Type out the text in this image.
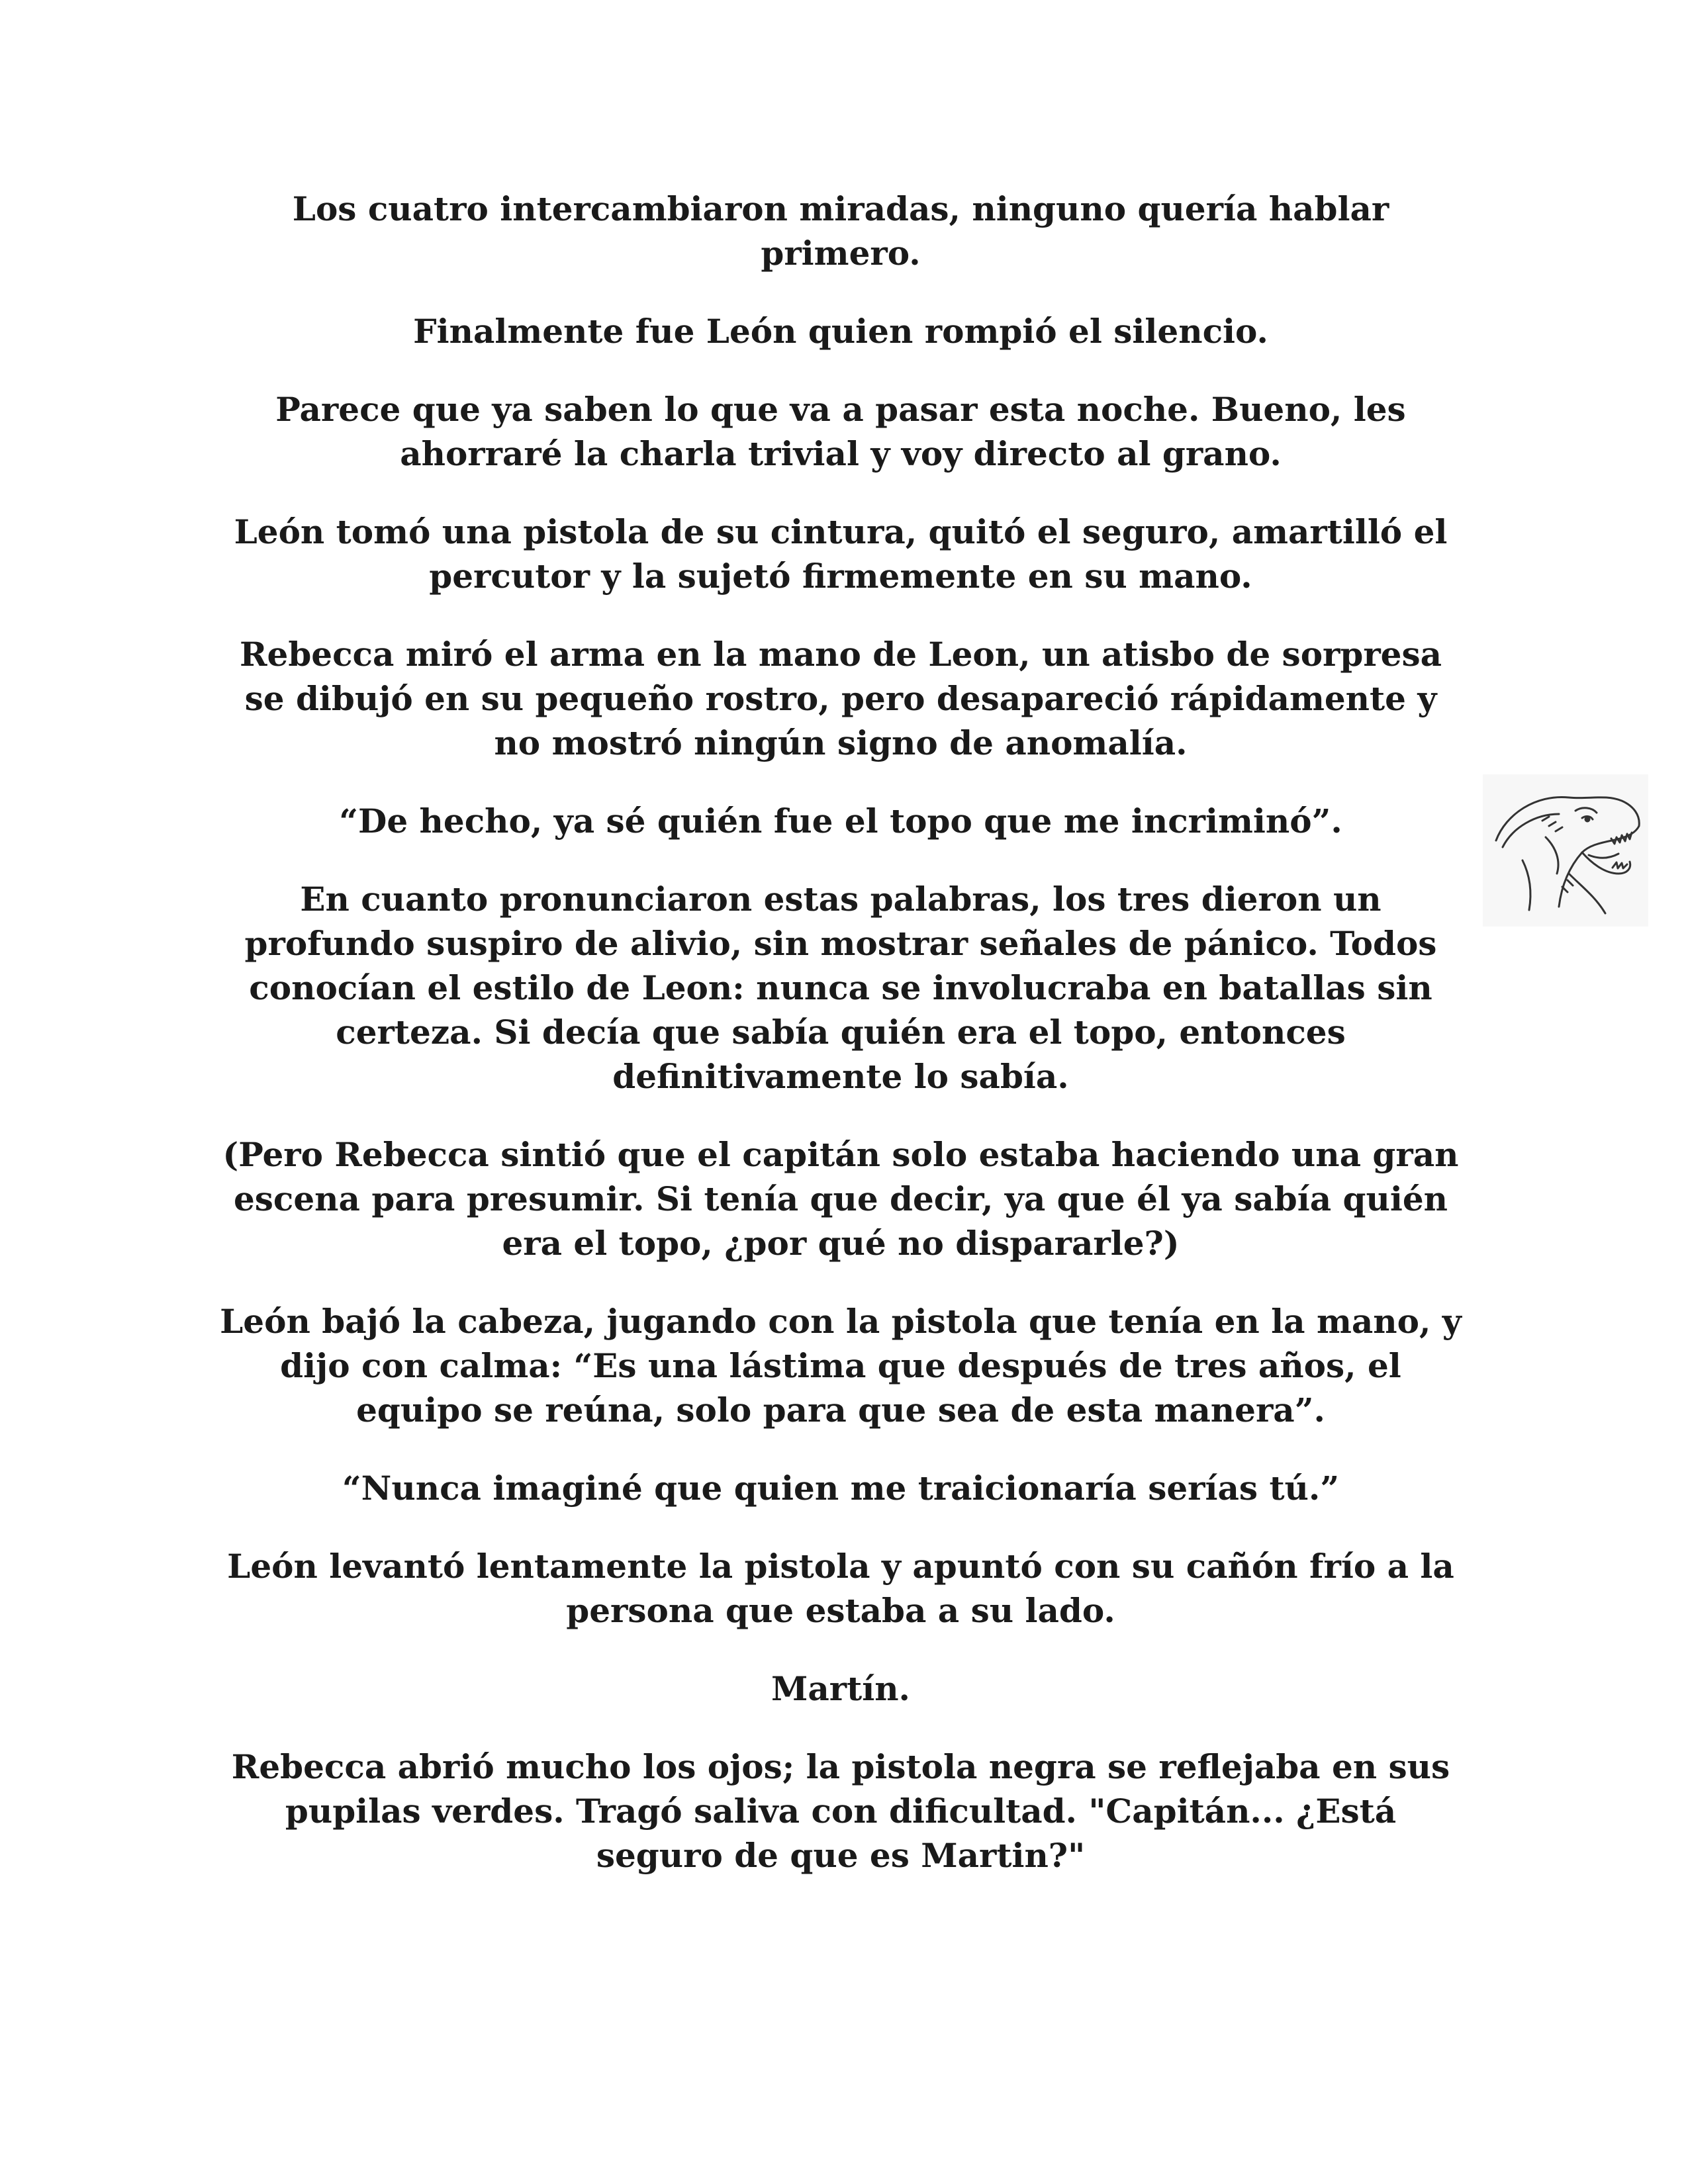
Los cuatro intercambiaron miradas, ninguno quería hablar primero.

Finalmente fue León quien rompió el silencio.

Parece que ya saben lo que va a pasar esta noche. Bueno, les ahorraré la charla trivial y voy directo al grano.

León tomó una pistola de su cintura, quitó el seguro, amartilló el percutor y la sujetó firmemente en su mano.

Rebecca miró el arma en la mano de Leon, un atisbo de sorpresa se dibujó en su pequeño rostro, pero desapareció rápidamente y no mostró ningún signo de anomalía.

“De hecho, ya sé quién fue el topo que me incriminó”.

En cuanto pronunciaron estas palabras, los tres dieron un profundo suspiro de alivio, sin mostrar señales de pánico. Todos conocían el estilo de Leon: nunca se involucraba en batallas sin certeza. Si decía que sabía quién era el topo, entonces definitivamente lo sabía.

(Pero Rebecca sintió que el capitán solo estaba haciendo una gran escena para presumir. Si tenía que decir, ya que él ya sabía quién era el topo, ¿por qué no dispararle?)

León bajó la cabeza, jugando con la pistola que tenía en la mano, y dijo con calma: “Es una lástima que después de tres años, el equipo se reúna, solo para que sea de esta manera”.

“Nunca imaginé que quien me traicionaría serías tú.”

León levantó lentamente la pistola y apuntó con su cañón frío a la persona que estaba a su lado.

Martín.

Rebecca abrió mucho los ojos; la pistola negra se reflejaba en sus pupilas verdes. Tragó saliva con dificultad. "Capitán... ¿Está seguro de que es Martin?"
